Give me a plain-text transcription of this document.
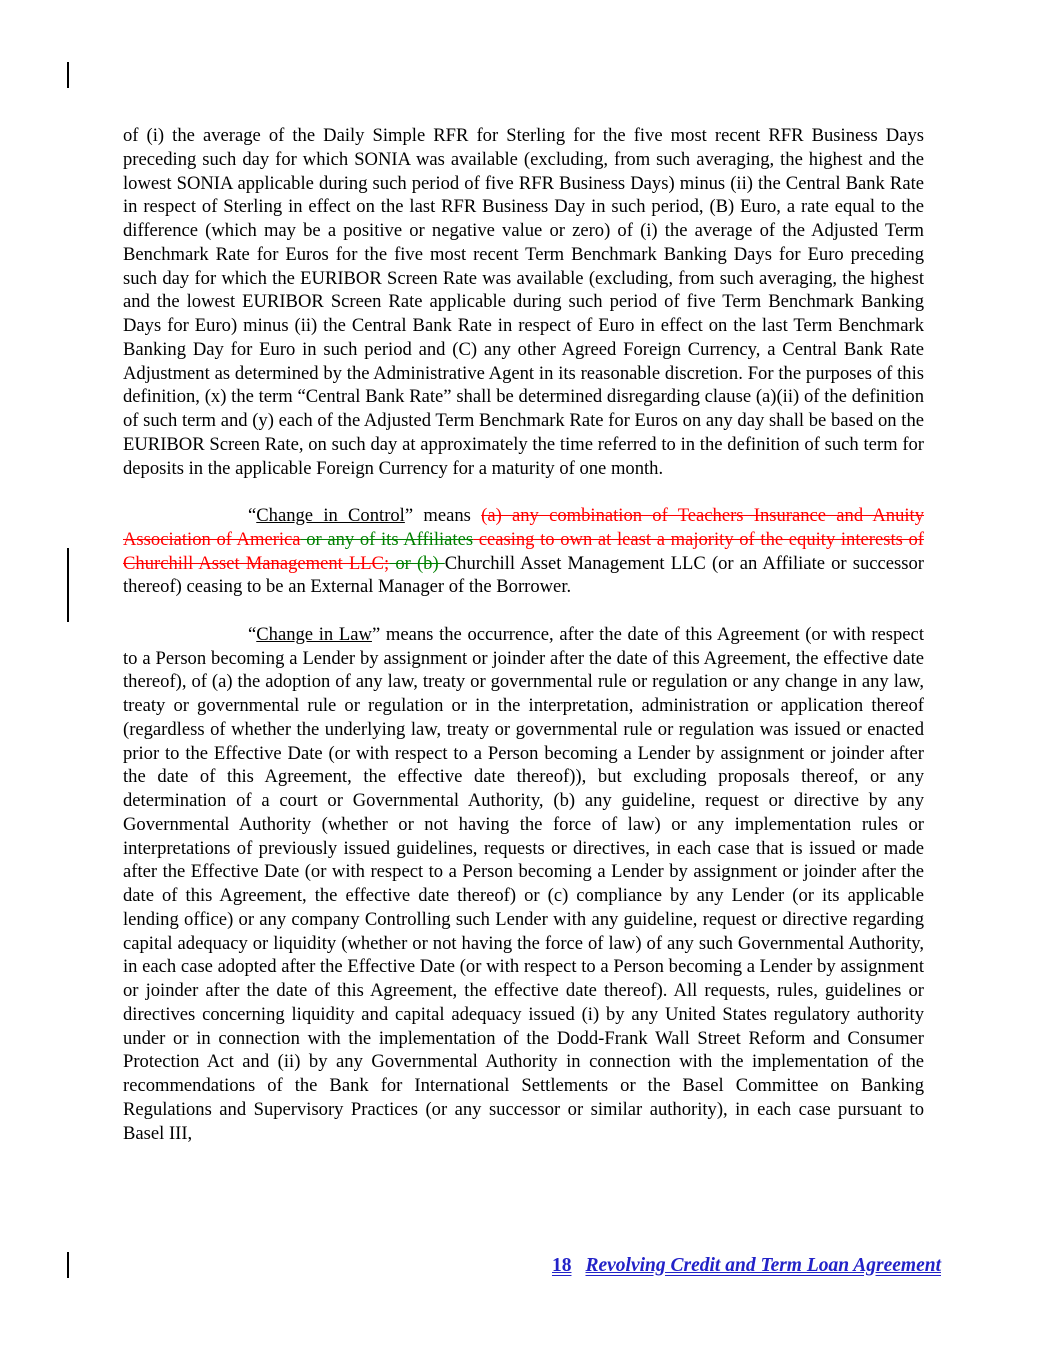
of (i) the average of the Daily Simple RFR for Sterling for the five most recent RFR Business Days preceding such day for which SONIA was available (excluding, from such averaging, the highest and the lowest SONIA applicable during such period of five RFR Business Days) minus (ii) the Central Bank Rate in respect of Sterling in effect on the last RFR Business Day in such period, (B) Euro, a rate equal to the difference (which may be a positive or negative value or zero) of (i) the average of the Adjusted Term Benchmark Rate for Euros for the five most recent Term Benchmark Banking Days for Euro preceding such day for which the EURIBOR Screen Rate was available (excluding, from such averaging, the highest and the lowest EURIBOR Screen Rate applicable during such period of five Term Benchmark Banking Days for Euro) minus (ii) the Central Bank Rate in respect of Euro in effect on the last Term Benchmark Banking Day for Euro in such period and (C) any other Agreed Foreign Currency, a Central Bank Rate Adjustment as determined by the Administrative Agent in its reasonable discretion. For the purposes of this definition, (x) the term “Central Bank Rate” shall be determined disregarding clause (a)(ii) of the definition of such term and (y) each of the Adjusted Term Benchmark Rate for Euros on any day shall be based on the EURIBOR Screen Rate, on such day at approximately the time referred to in the definition of such term for deposits in the applicable Foreign Currency for a maturity of one month.

“Change in Control” means (a) any combination of Teachers Insurance and Anuity Association of America or any of its Affiliates ceasing to own at least a majority of the equity interests of Churchill Asset Management LLC; or (b) Churchill Asset Management LLC (or an Affiliate or successor thereof) ceasing to be an External Manager of the Borrower.

“Change in Law” means the occurrence, after the date of this Agreement (or with respect to a Person becoming a Lender by assignment or joinder after the date of this Agreement, the effective date thereof), of (a) the adoption of any law, treaty or governmental rule or regulation or any change in any law, treaty or governmental rule or regulation or in the interpretation, administration or application thereof (regardless of whether the underlying law, treaty or governmental rule or regulation was issued or enacted prior to the Effective Date (or with respect to a Person becoming a Lender by assignment or joinder after the date of this Agreement, the effective date thereof)), but excluding proposals thereof, or any determination of a court or Governmental Authority, (b) any guideline, request or directive by any Governmental Authority (whether or not having the force of law) or any implementation rules or interpretations of previously issued guidelines, requests or directives, in each case that is issued or made after the Effective Date (or with respect to a Person becoming a Lender by assignment or joinder after the date of this Agreement, the effective date thereof) or (c) compliance by any Lender (or its applicable lending office) or any company Controlling such Lender with any guideline, request or directive regarding capital adequacy or liquidity (whether or not having the force of law) of any such Governmental Authority, in each case adopted after the Effective Date (or with respect to a Person becoming a Lender by assignment or joinder after the date of this Agreement, the effective date thereof). All requests, rules, guidelines or directives concerning liquidity and capital adequacy issued (i) by any United States regulatory authority under or in connection with the implementation of the Dodd-Frank Wall Street Reform and Consumer Protection Act and (ii) by any Governmental Authority in connection with the implementation of the recommendations of the Bank for International Settlements or the Basel Committee on Banking Regulations and Supervisory Practices (or any successor or similar authority), in each case pursuant to Basel III,

18 Revolving Credit and Term Loan Agreement
